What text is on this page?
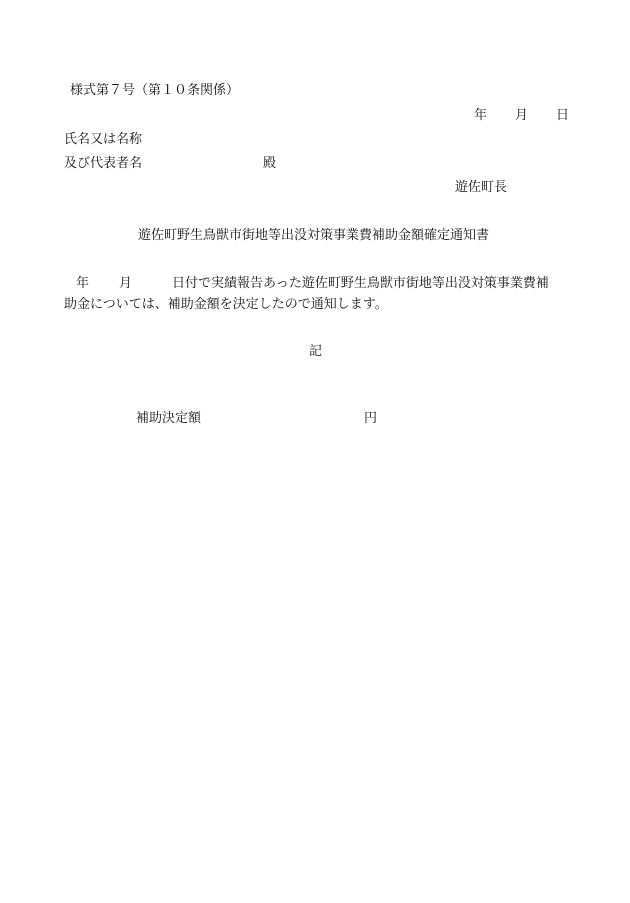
様式第７号（第１０条関係）
年 月 日
氏名又は名称
及び代表者名	殿
遊佐町長
遊佐町野生鳥獣市街地等出没対策事業費補助金額確定通知書
年 月	日付で実績報告あった遊佐町野生鳥獣市街地等出没対策事業費補
助金については、補助金額を決定したので通知します。
記
補助決定額	円
